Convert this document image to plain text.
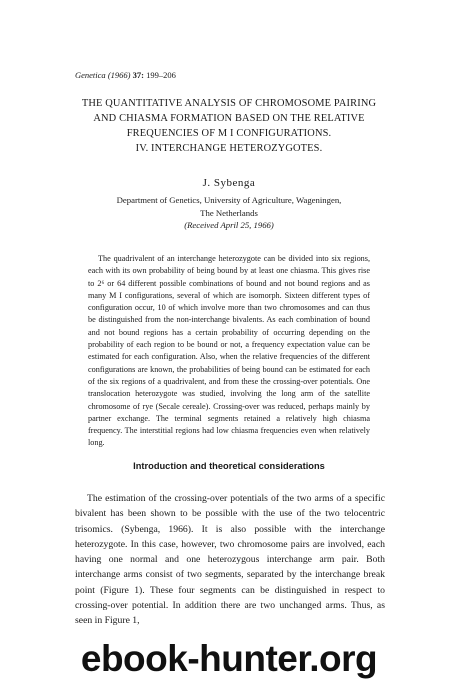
Genetica (1966) 37: 199–206
THE QUANTITATIVE ANALYSIS OF CHROMOSOME PAIRING
AND CHIASMA FORMATION BASED ON THE RELATIVE
FREQUENCIES OF M I CONFIGURATIONS.
IV. INTERCHANGE HETEROZYGOTES.
J. Sybenga
Department of Genetics, University of Agriculture, Wageningen,
The Netherlands
(Received April 25, 1966)

The quadrivalent of an interchange heterozygote can be divided into six regions, each with its own probability of being bound by at least one chiasma. This gives rise to 2⁶ or 64 different possible combinations of bound and not bound regions and as many M I configurations, several of which are isomorph. Sixteen different types of configuration occur, 10 of which involve more than two chromosomes and can thus be distinguished from the non-interchange bivalents. As each combination of bound and not bound regions has a certain probability of occurring depending on the probability of each region to be bound or not, a frequency expectation value can be estimated for each configuration. Also, when the relative frequencies of the different configurations are known, the probabilities of being bound can be estimated for each of the six regions of a quadrivalent, and from these the crossing-over potentials. One translocation heterozygote was studied, involving the long arm of the satellite chromosome of rye (Secale cereale). Crossing-over was reduced, perhaps mainly by partner exchange. The terminal segments retained a relatively high chiasma frequency. The interstitial regions had low chiasma frequencies even when relatively long.

Introduction and theoretical considerations

The estimation of the crossing-over potentials of the two arms of a specific bivalent has been shown to be possible with the use of the two telocentric trisomics. (Sybenga, 1966). It is also possible with the interchange heterozygote. In this case, however, two chromosome pairs are involved, each having one normal and one heterozygous interchange arm pair. Both interchange arms consist of two segments, separated by the interchange break point (Figure 1). These four segments can be distinguished in respect to crossing-over potential. In addition there are two unchanged arms. Thus, as seen in Figure 1,

ebook-hunter.org
